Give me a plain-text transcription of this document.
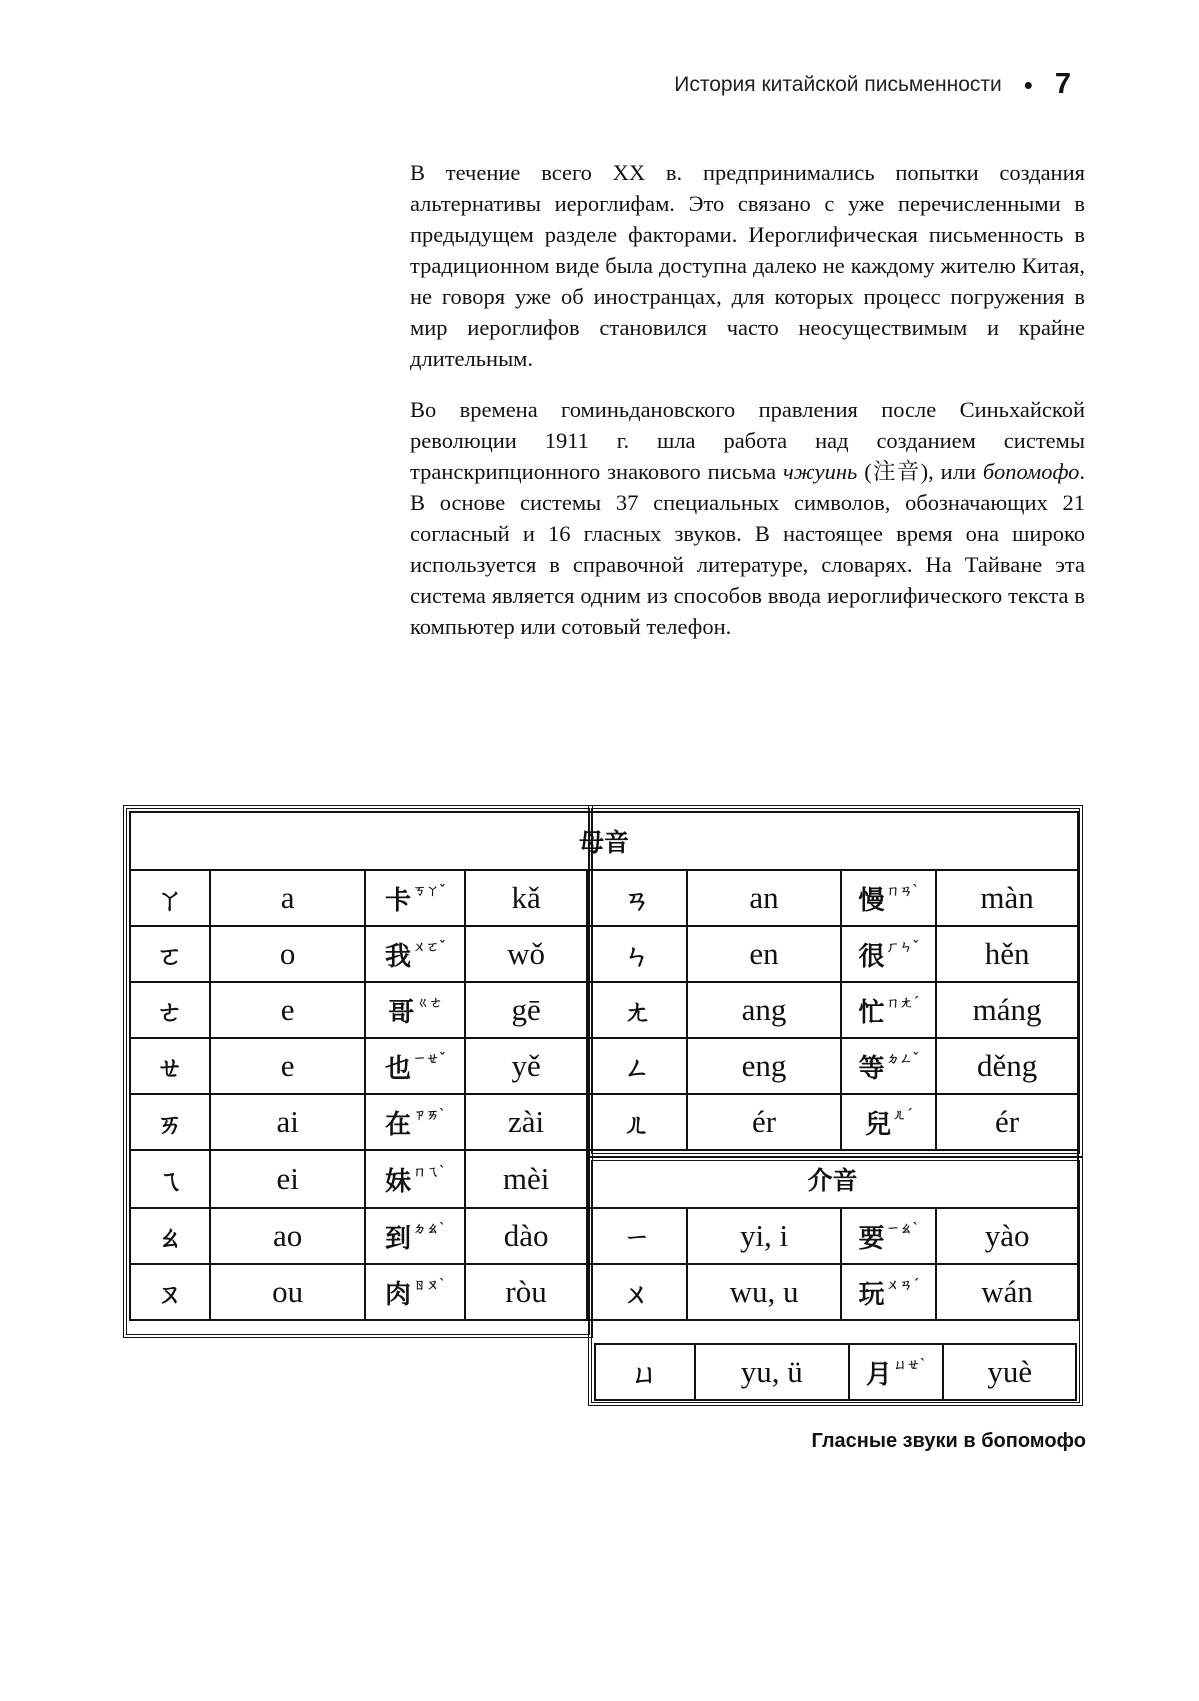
История китайской письменности • 7

В течение всего XX в. предпринимались попытки создания альтернативы иероглифам. Это связано с уже перечисленными в предыдущем разделе факторами. Иероглифическая письменность в традиционном виде была доступна далеко не каждому жителю Китая, не говоря уже об иностранцах, для которых процесс погружения в мир иероглифов становился часто неосуществимым и крайне длительным.

Во времена гоминьдановского правления после Синьхайской революции 1911 г. шла работа над созданием системы транскрипционного знакового письма чжуинь (注音), или бопомофо. В основе системы 37 специальных символов, обозначающих 21 согласный и 16 гласных звуков. В настоящее время она широко используется в справочной литературе, словарях. На Тайване эта система является одним из способов ввода иероглифического текста в компьютер или сотовый телефон.

母音							
ㄚ	a	卡 $^{ㄎㄚˇ}$	kǎ	ㄢ	an	慢 $^{ㄇㄢˋ}$	màn
ㄛ	o	我 $^{ㄨㄛˇ}$	wǒ	ㄣ	en	很 $^{ㄏㄣˇ}$	hěn
ㄜ	e	哥 $^{ㄍㄜ}$	gē	ㄤ	ang	忙 $^{ㄇㄤˊ}$	máng
ㄝ	e	也 $^{ㄧㄝˇ}$	yě	ㄥ	eng	等 $^{ㄉㄥˇ}$	děng
ㄞ	ai	在 $^{ㄗㄞˋ}$	zài	ㄦ	ér	兒 $^{ㄦˊ}$	ér
ㄟ	ei	妹 $^{ㄇㄟˋ}$	mèi	介音			
ㄠ	ao	到 $^{ㄉㄠˋ}$	dào	ㄧ	yi, i	要 $^{ㄧㄠˋ}$	yào
ㄡ	ou	肉 $^{ㄖㄡˋ}$	ròu	ㄨ	wu, u	玩 $^{ㄨㄢˊ}$	wán
ㄩ	yu, ü	月 $^{ㄩㄝˋ}$	yuè
Гласные звуки в бопомофо
